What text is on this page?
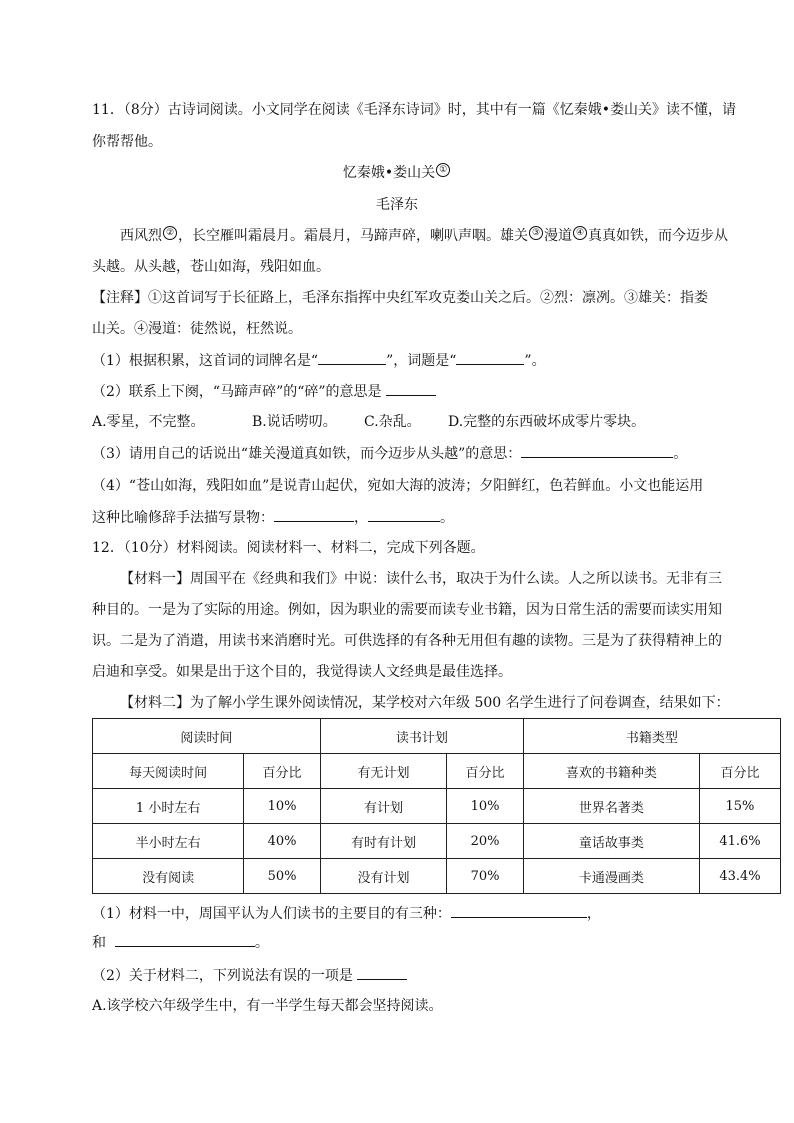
11．（8分）古诗词阅读。小文同学在阅读《毛泽东诗词》时，其中有一篇《忆秦娥•娄山关》读不懂，请
你帮帮他。
忆秦娥•娄山关 ①
毛泽东
西风烈 ② ，长空雁叫霜晨月。霜晨月，马蹄声碎，喇叭声咽。雄关 ③ 漫道 ④ 真真如铁，而今迈步从
头越。从头越，苍山如海，残阳如血。
【注释】①这首词写于长征路上，毛泽东指挥中央红军攻克娄山关之后。②烈：凛冽。③雄关：指娄
山关。④漫道：徒然说，枉然说。
（1）根据积累，这首词的词牌名是“	”，词题是“	”。
（2）联系上下阕，“马蹄声碎”的“碎”的意思是
A.零星，不完整。	B.说话唠叨。 C.杂乱。 D.完整的东西破坏成零片零块。
（3）请用自己的话说出“雄关漫道真如铁，而今迈步从头越”的意思：	。
（4）“苍山如海，残阳如血”是说青山起伏，宛如大海的波涛；夕阳鲜红，色若鲜血。小文也能运用
这种比喻修辞手法描写景物：	，	。
12．（10分）材料阅读。阅读材料一、材料二，完成下列各题。
【材料一】周国平在《经典和我们》中说：读什么书，取决于为什么读。人之所以读书。无非有三
种目的。一是为了实际的用途。例如，因为职业的需要而读专业书籍，因为日常生活的需要而读实用知
识。二是为了消遣，用读书来消磨时光。可供选择的有各种无用但有趣的读物。三是为了获得精神上的
启迪和享受。如果是出于这个目的，我觉得读人文经典是最佳选择。
【材料二】为了解小学生课外阅读情况，某学校对六年级 500 名学生进行了问卷调查，结果如下：
阅读时间		读书计划		书籍类型	
每天阅读时间	百分比	有无计划	百分比	喜欢的书籍种类	百分比
1 小时左右	10%	有计划	10%	世界名著类	15%
半小时左右	40%	有时有计划	20%	童话故事类	41.6%
没有阅读	50%	没有计划	70%	卡通漫画类	43.4%
（1）材料一中，周国平认为人们读书的主要目的有三种：	，
和	。
（2）关于材料二，下列说法有误的一项是
A.该学校六年级学生中，有一半学生每天都会坚持阅读。
